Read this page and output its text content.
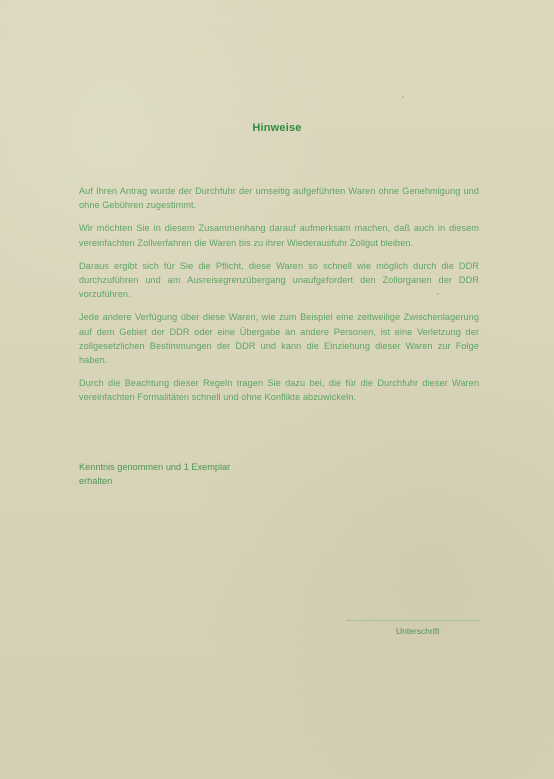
Hinweise

Auf Ihren Antrag wurde der Durchfuhr der umseitig aufgeführten Waren ohne Genehmigung und ohne Gebühren zugestimmt.

Wir möchten Sie in diesem Zusammenhang darauf aufmerksam machen, daß auch in diesem vereinfachten Zollverfahren die Waren bis zu ihrer Wiederausfuhr Zollgut bleiben.

Daraus ergibt sich für Sie die Pflicht, diese Waren so schnell wie möglich durch die DDR durchzuführen und am Ausreisegrenzübergang unaufgefordert den Zollorganen der DDR vorzuführen.

Jede andere Verfügung über diese Waren, wie zum Beispiel eine zeitweilige Zwischenlagerung auf dem Gebiet der DDR oder eine Übergabe an andere Personen, ist eine Verletzung der zollgesetzlichen Bestimmungen der DDR und kann die Einziehung dieser Waren zur Folge haben.

Durch die Beachtung dieser Regeln tragen Sie dazu bei, die für die Durchfuhr dieser Waren vereinfachten Formalitäten schnell und ohne Konflikte abzuwickeln.

Kenntnis genommen und 1 Exemplar
erhalten
Unterschrift
